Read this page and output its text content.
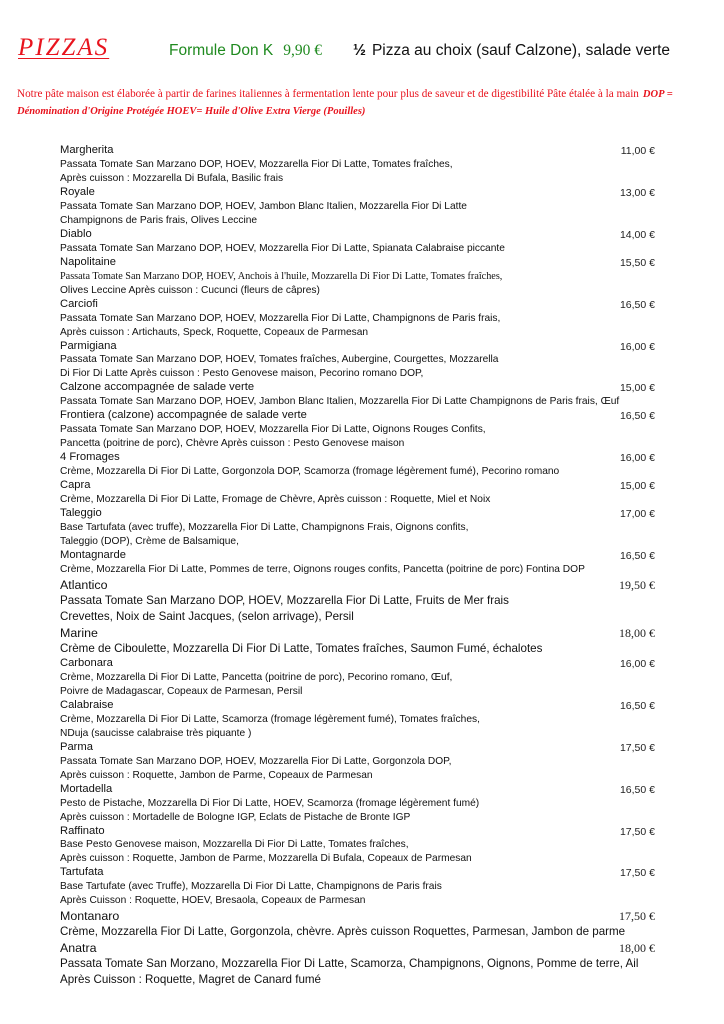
PIZZAS	Formule Don K 9,90 € ½ Pizza au choix (sauf Calzone), salade verte
Notre pâte maison est élaborée à partir de farines italiennes à fermentation lente pour plus de saveur et de digestibilité Pâte étalée à la main DOP = Dénomination d'Origine Protégée HOEV= Huile d'Olive Extra Vierge (Pouilles)
Margherita	11,00 €
Passata Tomate San Marzano DOP, HOEV, Mozzarella Fior Di Latte, Tomates fraîches,
Après cuisson : Mozzarella Di Bufala, Basilic frais
Royale	13,00 €
Passata Tomate San Marzano DOP, HOEV, Jambon Blanc Italien, Mozzarella Fior Di Latte
Champignons de Paris frais, Olives Leccine
Diablo	14,00 €
Passata Tomate San Marzano DOP, HOEV, Mozzarella Fior Di Latte, Spianata Calabraise piccante
Napolitaine	15,50 €
Passata Tomate San Marzano DOP, HOEV, Anchois à l'huile, Mozzarella Di Fior Di Latte, Tomates fraîches,
Olives Leccine Après cuisson : Cucunci (fleurs de câpres)
Carciofi	16,50 €
Passata Tomate San Marzano DOP, HOEV, Mozzarella Fior Di Latte, Champignons de Paris frais,
Après cuisson : Artichauts, Speck, Roquette, Copeaux de Parmesan
Parmigiana	16,00 €
Passata Tomate San Marzano DOP, HOEV, Tomates fraîches, Aubergine, Courgettes, Mozzarella
Di Fior Di Latte Après cuisson : Pesto Genovese maison, Pecorino romano DOP,
Calzone accompagnée de salade verte	15,00 €
Passata Tomate San Marzano DOP, HOEV, Jambon Blanc Italien, Mozzarella Fior Di Latte Champignons de Paris frais, Œuf
Frontiera (calzone) accompagnée de salade verte	16,50 €
Passata Tomate San Marzano DOP, HOEV, Mozzarella Fior Di Latte, Oignons Rouges Confits,
Pancetta (poitrine de porc), Chèvre Après cuisson : Pesto Genovese maison
4 Fromages	16,00 €
Crème, Mozzarella Di Fior Di Latte, Gorgonzola DOP, Scamorza (fromage légèrement fumé), Pecorino romano
Capra	15,00 €
Crème, Mozzarella Di Fior Di Latte, Fromage de Chèvre, Après cuisson : Roquette, Miel et Noix
Taleggio	17,00 €
Base Tartufata (avec truffe), Mozzarella Fior Di Latte, Champignons Frais, Oignons confits,
Taleggio (DOP), Crème de Balsamique,
Montagnarde	16,50 €
Crème, Mozzarella Fior Di Latte, Pommes de terre, Oignons rouges confits, Pancetta (poitrine de porc) Fontina DOP
Atlantico	19,50 €
Passata Tomate San Marzano DOP, HOEV, Mozzarella Fior Di Latte, Fruits de Mer frais
Crevettes, Noix de Saint Jacques, (selon arrivage), Persil
Marine	18,00 €
Crème de Ciboulette, Mozzarella Di Fior Di Latte, Tomates fraîches, Saumon Fumé, échalotes
Carbonara	16,00 €
Crème, Mozzarella Di Fior Di Latte, Pancetta (poitrine de porc), Pecorino romano, Œuf,
Poivre de Madagascar, Copeaux de Parmesan, Persil
Calabraise	16,50 €
Crème, Mozzarella Di Fior Di Latte, Scamorza (fromage légèrement fumé), Tomates fraîches,
NDuja (saucisse calabraise très piquante )
Parma	17,50 €
Passata Tomate San Marzano DOP, HOEV, Mozzarella Fior Di Latte, Gorgonzola DOP,
Après cuisson : Roquette, Jambon de Parme, Copeaux de Parmesan
Mortadella	16,50 €
Pesto de Pistache, Mozzarella Di Fior Di Latte, HOEV, Scamorza (fromage légèrement fumé)
Après cuisson : Mortadelle de Bologne IGP, Eclats de Pistache de Bronte IGP
Raffinato	17,50 €
Base Pesto Genovese maison, Mozzarella Di Fior Di Latte, Tomates fraîches,
Après cuisson : Roquette, Jambon de Parme, Mozzarella Di Bufala, Copeaux de Parmesan
Tartufata	17,50 €
Base Tartufate (avec Truffe), Mozzarella Di Fior Di Latte, Champignons de Paris frais
Après Cuisson : Roquette, HOEV, Bresaola, Copeaux de Parmesan
Montanaro	17,50 €
Crème, Mozzarella Fior Di Latte, Gorgonzola, chèvre. Après cuisson Roquettes, Parmesan, Jambon de parme
Anatra	18,00 €
Passata Tomate San Morzano, Mozzarella Fior Di Latte, Scamorza, Champignons, Oignons, Pomme de terre, Ail
Après Cuisson : Roquette, Magret de Canard fumé
